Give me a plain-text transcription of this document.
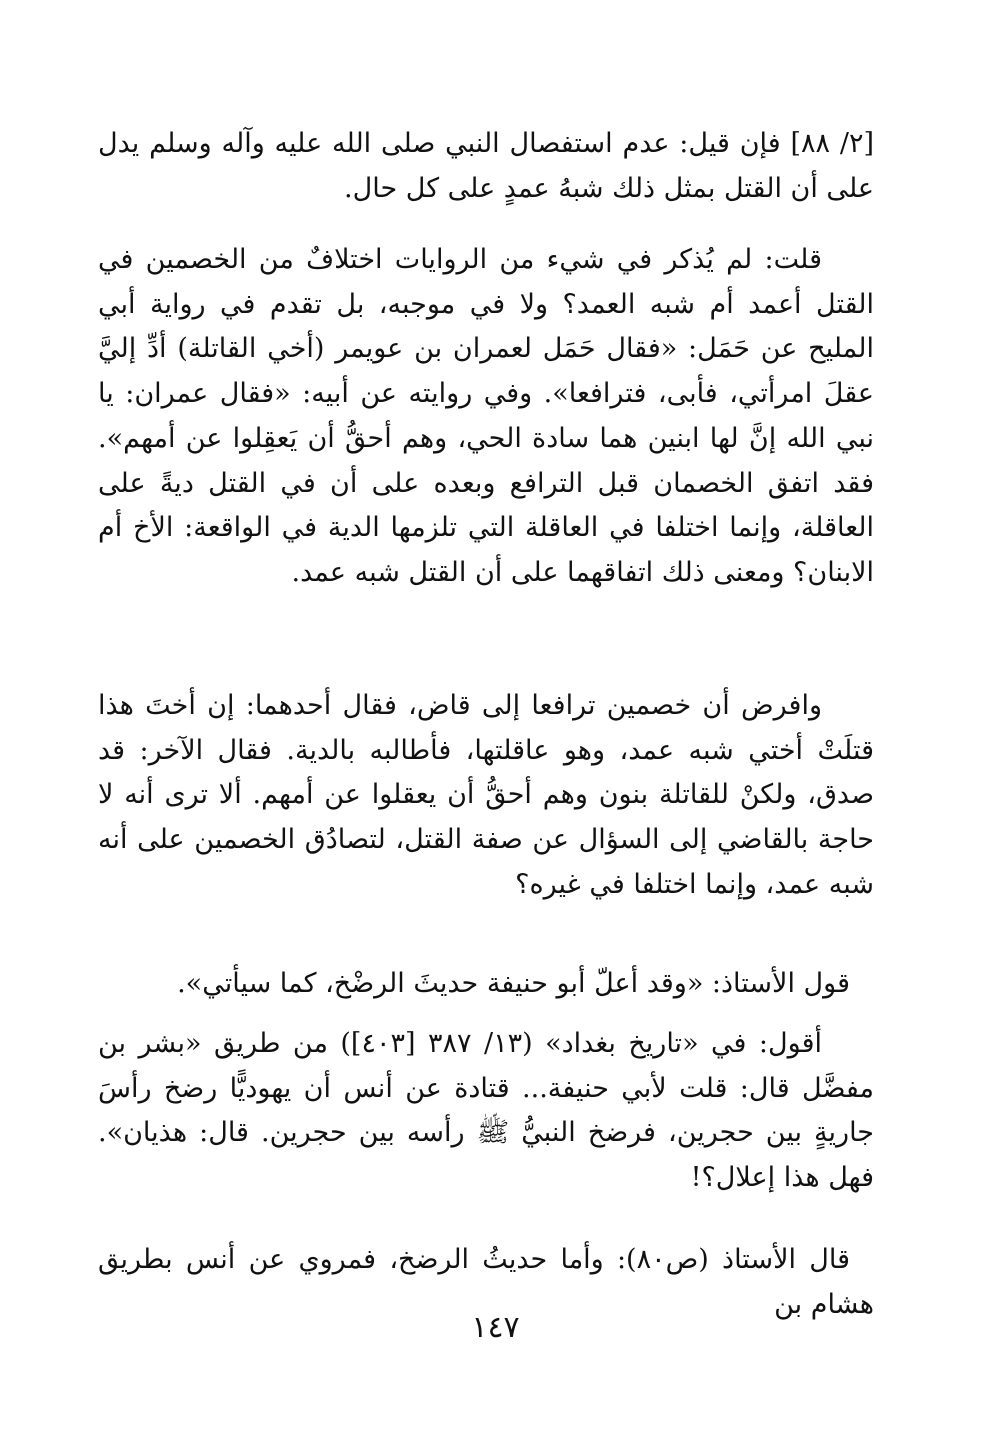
[٢/ ٨٨] فإن قيل: عدم استفصال النبي صلى الله عليه وآله وسلم يدل على أن القتل بمثل ذلك شبهُ عمدٍ على كل حال.

قلت: لم يُذكر في شيء من الروايات اختلافٌ من الخصمين في القتل أعمد أم شبه العمد؟ ولا في موجبه، بل تقدم في رواية أبي المليح عن حَمَل: «فقال حَمَل لعمران بن عويمر (أخي القاتلة) أدِّ إليَّ عقلَ امرأتي، فأبى، فترافعا». وفي روايته عن أبيه: «فقال عمران: يا نبي الله إنَّ لها ابنين هما سادة الحي، وهم أحقُّ أن يَعقِلوا عن أمهم». فقد اتفق الخصمان قبل الترافع وبعده على أن في القتل ديةً على العاقلة، وإنما اختلفا في العاقلة التي تلزمها الدية في الواقعة: الأخ أم الابنان؟ ومعنى ذلك اتفاقهما على أن القتل شبه عمد.

وافرض أن خصمين ترافعا إلى قاض، فقال أحدهما: إن أختَ هذا قتلَتْ أختي شبه عمد، وهو عاقلتها، فأطالبه بالدية. فقال الآخر: قد صدق، ولكنْ للقاتلة بنون وهم أحقُّ أن يعقلوا عن أمهم. ألا ترى أنه لا حاجة بالقاضي إلى السؤال عن صفة القتل، لتصادُق الخصمين على أنه شبه عمد، وإنما اختلفا في غيره؟

قول الأستاذ: «وقد أعلّ أبو حنيفة حديثَ الرضْخ، كما سيأتي».

أقول: في «تاريخ بغداد» (١٣/ ٣٨٧ [٤٠٣]) من طريق «بشر بن مفضَّل قال: قلت لأبي حنيفة... قتادة عن أنس أن يهوديًّا رضخ رأسَ جاريةٍ بين حجرين، فرضخ النبيُّ ﷺ رأسه بين حجرين. قال: هذيان». فهل هذا إعلال؟!

قال الأستاذ (ص٨٠): وأما حديثُ الرضخ، فمروي عن أنس بطريق هشام بن

١٤٧
